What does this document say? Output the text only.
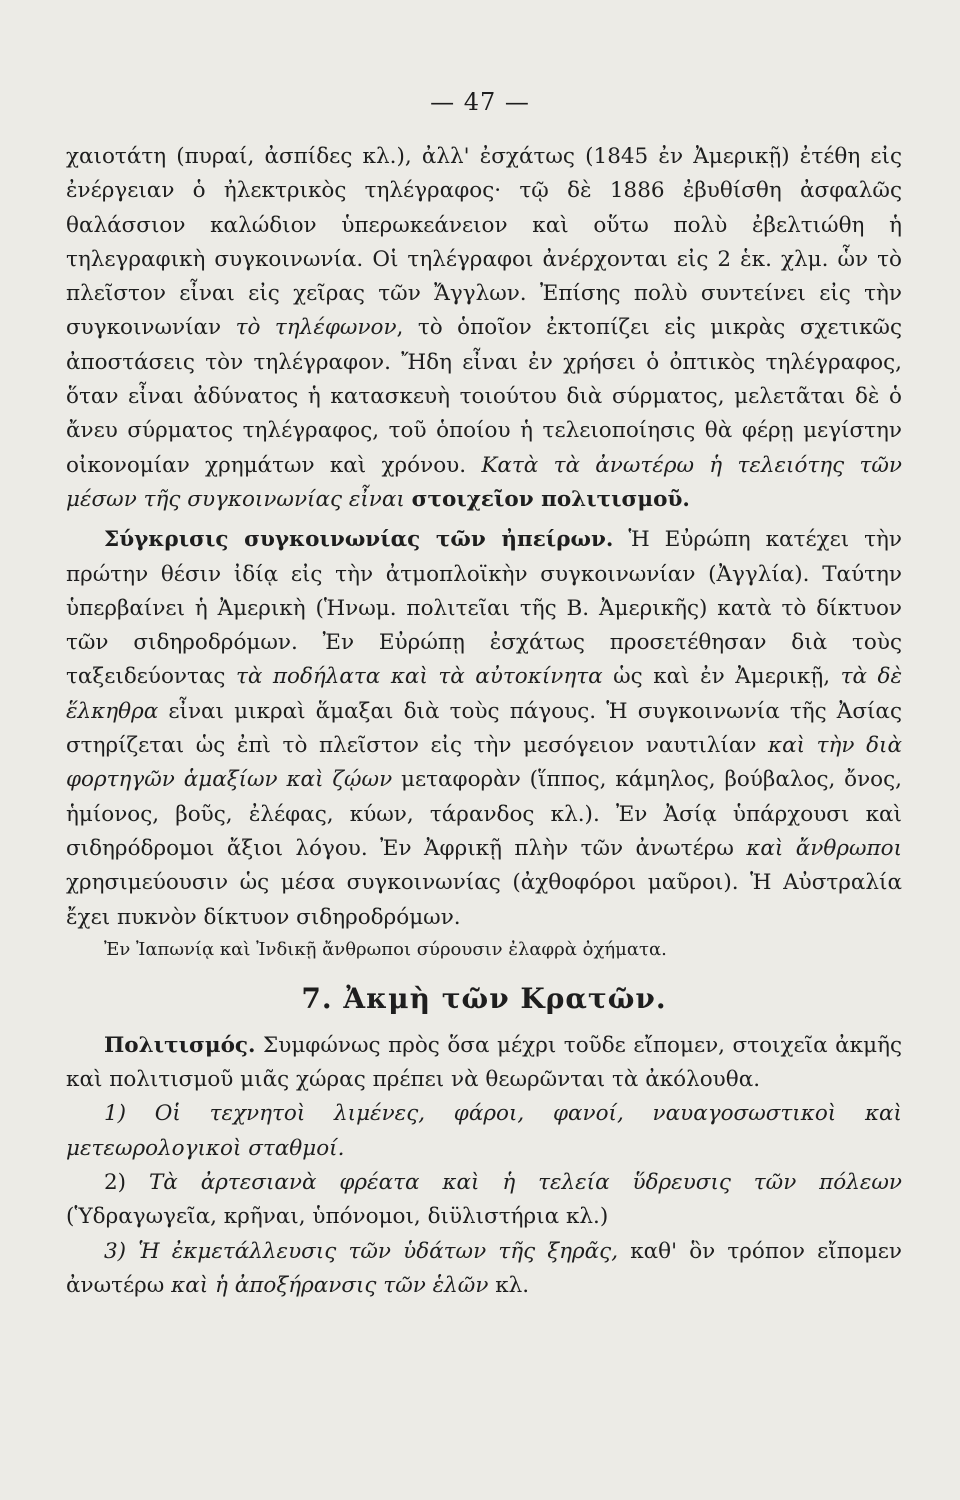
— 47 —

χαιοτάτη (πυραί, ἀσπίδες κλ.), ἀλλ' ἐσχάτως (1845 ἐν Ἀμερικῇ) ἐτέθη εἰς ἐνέργειαν ὁ ἠλεκτρικὸς τηλέγραφος· τῷ δὲ 1886 ἐβυθίσθη ἀσφαλῶς θαλάσσιον καλώδιον ὑπερωκεάνειον καὶ οὕτω πολὺ ἐβελτιώθη ἡ τηλεγραφικὴ συγκοινωνία. Οἱ τηλέγραφοι ἀνέρχονται εἰς 2 ἑκ. χλμ. ὧν τὸ πλεῖστον εἶναι εἰς χεῖρας τῶν Ἄγγλων. Ἐπίσης πολὺ συντείνει εἰς τὴν συγκοινωνίαν τὸ τηλέφωνον, τὸ ὁποῖον ἐκτοπίζει εἰς μικρὰς σχετικῶς ἀποστάσεις τὸν τηλέγραφον. Ἤδη εἶναι ἐν χρήσει ὁ ὀπτικὸς τηλέγραφος, ὅταν εἶναι ἀδύνατος ἡ κατασκευὴ τοιούτου διὰ σύρματος, μελετᾶται δὲ ὁ ἄνευ σύρματος τηλέγραφος, τοῦ ὁποίου ἡ τελειοποίησις θὰ φέρῃ μεγίστην οἰκονομίαν χρημάτων καὶ χρόνου. Κατὰ τὰ ἀνωτέρω ἡ τελειότης τῶν μέσων τῆς συγκοινωνίας εἶναι στοιχεῖον πολιτισμοῦ.

Σύγκρισις συγκοινωνίας τῶν ἠπείρων. Ἡ Εὐρώπη κατέχει τὴν πρώτην θέσιν ἰδίᾳ εἰς τὴν ἀτμοπλοϊκὴν συγκοινωνίαν (Ἀγγλία). Ταύτην ὑπερβαίνει ἡ Ἀμερικὴ (Ἡνωμ. πολιτεῖαι τῆς Β. Ἀμερικῆς) κατὰ τὸ δίκτυον τῶν σιδηροδρόμων. Ἐν Εὐρώπῃ ἐσχάτως προσετέθησαν διὰ τοὺς ταξειδεύοντας τὰ ποδήλατα καὶ τὰ αὐτοκίνητα ὡς καὶ ἐν Ἀμερικῇ, τὰ δὲ ἕλκηθρα εἶναι μικραὶ ἅμαξαι διὰ τοὺς πάγους. Ἡ συγκοινωνία τῆς Ἀσίας στηρίζεται ὡς ἐπὶ τὸ πλεῖστον εἰς τὴν μεσόγειον ναυτιλίαν καὶ τὴν διὰ φορτηγῶν ἁμαξίων καὶ ζῴων μεταφορὰν (ἵππος, κάμηλος, βούβαλος, ὄνος, ἡμίονος, βοῦς, ἐλέφας, κύων, τάρανδος κλ.). Ἐν Ἀσίᾳ ὑπάρχουσι καὶ σιδηρόδρομοι ἄξιοι λόγου. Ἐν Ἀφρικῇ πλὴν τῶν ἀνωτέρω καὶ ἄνθρωποι χρησιμεύουσιν ὡς μέσα συγκοινωνίας (ἀχθοφόροι μαῦροι). Ἡ Αὐστραλία ἔχει πυκνὸν δίκτυον σιδηροδρόμων.

Ἐν Ἰαπωνίᾳ καὶ Ἰνδικῇ ἄνθρωποι σύρουσιν ἐλαφρὰ ὀχήματα.

7. Ἀκμὴ τῶν Κρατῶν.

Πολιτισμός. Συμφώνως πρὸς ὅσα μέχρι τοῦδε εἴπομεν, στοιχεῖα ἀκμῆς καὶ πολιτισμοῦ μιᾶς χώρας πρέπει νὰ θεωρῶνται τὰ ἀκόλουθα.

1) Οἱ τεχνητοὶ λιμένες, φάροι, φανοί, ναυαγοσωστικοὶ καὶ μετεωρολογικοὶ σταθμοί.

2) Τὰ ἀρτεσιανὰ φρέατα καὶ ἡ τελεία ὕδρευσις τῶν πόλεων (Ὑδραγωγεῖα, κρῆναι, ὑπόνομοι, διϋλιστήρια κλ.)

3) Ἡ ἐκμετάλλευσις τῶν ὑδάτων τῆς ξηρᾶς, καθ' ὃν τρόπον εἴπομεν ἀνωτέρω καὶ ἡ ἀποξήρανσις τῶν ἑλῶν κλ.
